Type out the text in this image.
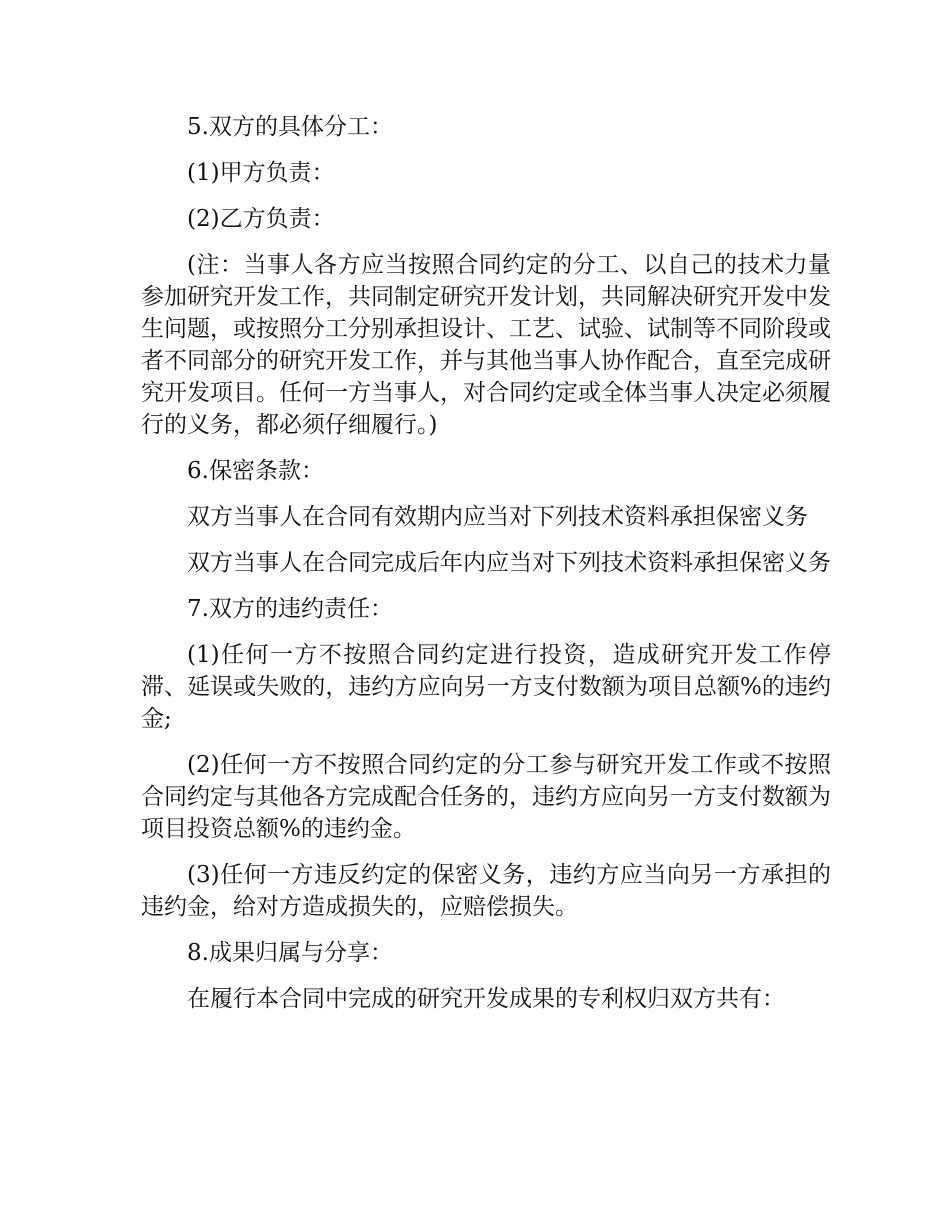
5.双方的具体分工：

(1)甲方负责：

(2)乙方负责：

(注：当事人各方应当按照合同约定的分工、以自己的技术力量参加研究开发工作，共同制定研究开发计划，共同解决研究开发中发生问题，或按照分工分别承担设计、工艺、试验、试制等不同阶段或者不同部分的研究开发工作，并与其他当事人协作配合，直至完成研究开发项目。任何一方当事人，对合同约定或全体当事人决定必须履行的义务，都必须仔细履行。)

6.保密条款：

双方当事人在合同有效期内应当对下列技术资料承担保密义务

双方当事人在合同完成后年内应当对下列技术资料承担保密义务

7.双方的违约责任：

(1)任何一方不按照合同约定进行投资，造成研究开发工作停滞、延误或失败的，违约方应向另一方支付数额为项目总额%的违约金;

(2)任何一方不按照合同约定的分工参与研究开发工作或不按照合同约定与其他各方完成配合任务的，违约方应向另一方支付数额为项目投资总额%的违约金。

(3)任何一方违反约定的保密义务，违约方应当向另一方承担的违约金，给对方造成损失的，应赔偿损失。

8.成果归属与分享：

在履行本合同中完成的研究开发成果的专利权归双方共有：
